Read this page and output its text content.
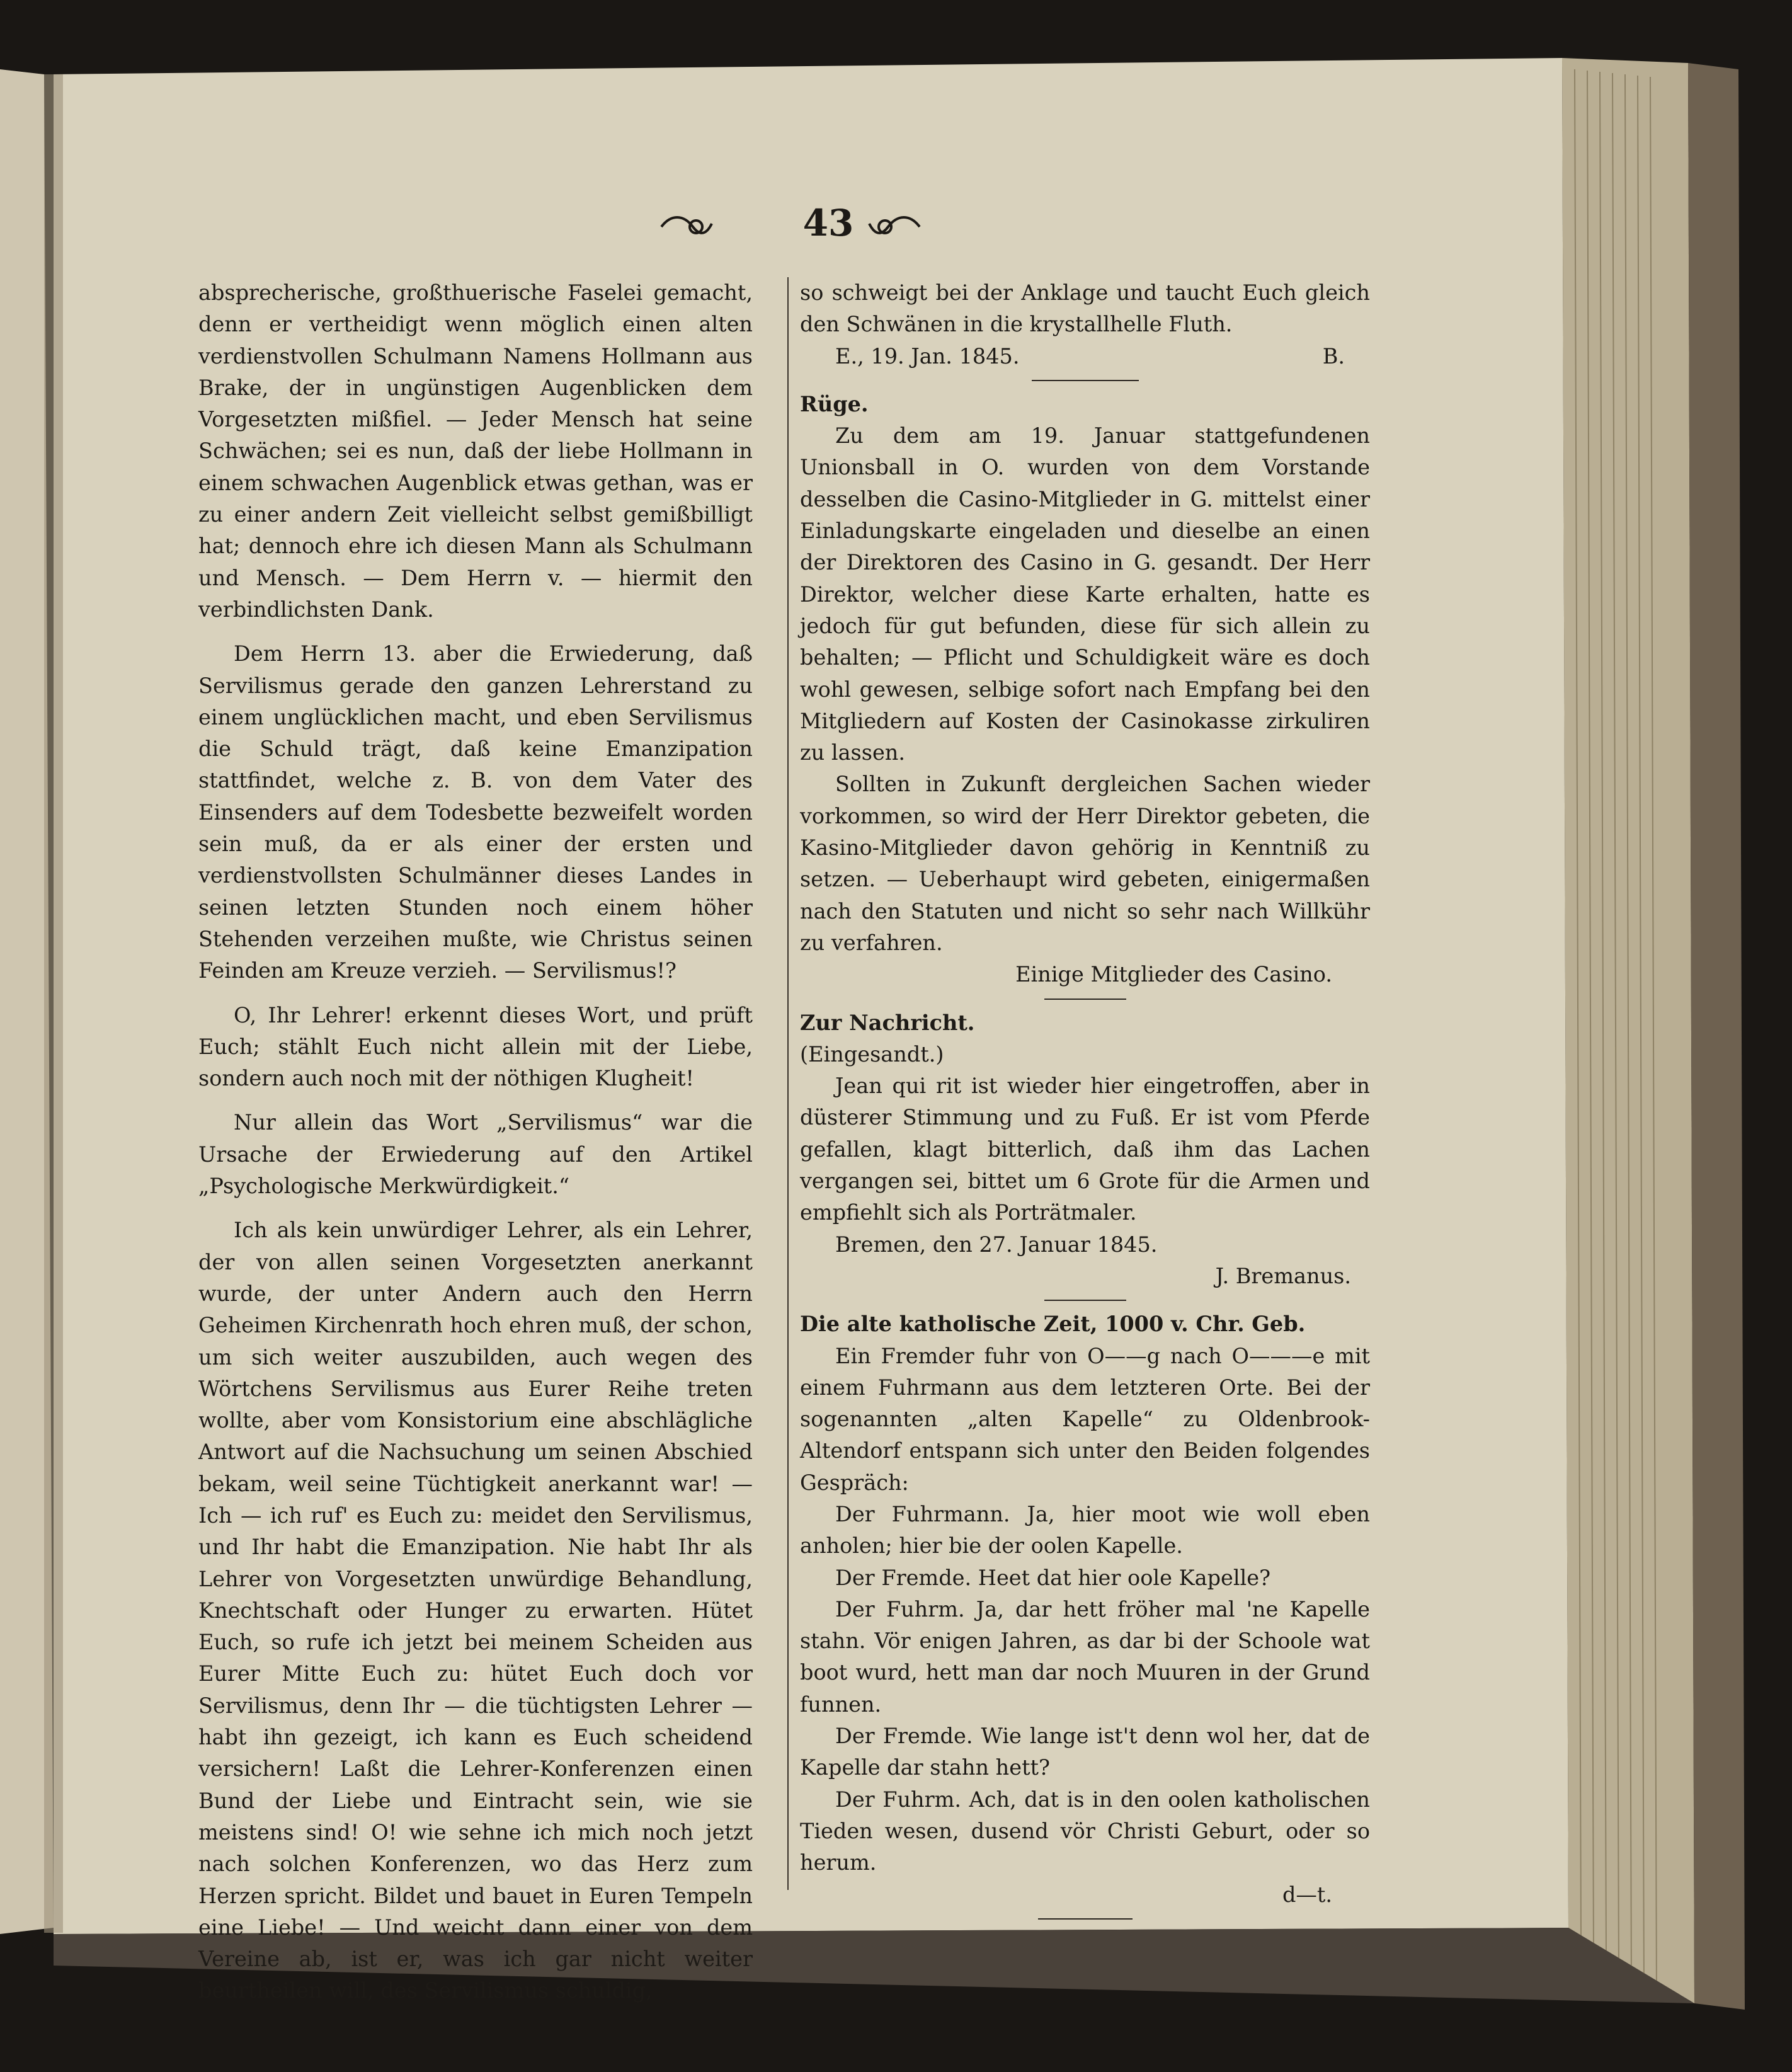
43

absprecherische, großthuerische Faselei gemacht, denn er vertheidigt wenn möglich einen alten verdienstvollen Schulmann Namens Hollmann aus Brake, der in ungünstigen Augenblicken dem Vorgesetzten mißfiel. — Jeder Mensch hat seine Schwächen; sei es nun, daß der liebe Hollmann in einem schwachen Augenblick etwas gethan, was er zu einer andern Zeit vielleicht selbst gemißbilligt hat; dennoch ehre ich diesen Mann als Schulmann und Mensch. — Dem Herrn v. — hiermit den verbindlichsten Dank.

Dem Herrn 13. aber die Erwiederung, daß Servilismus gerade den ganzen Lehrerstand zu einem unglücklichen macht, und eben Servilismus die Schuld trägt, daß keine Emanzipation stattfindet, welche z. B. von dem Vater des Einsenders auf dem Todesbette bezweifelt worden sein muß, da er als einer der ersten und verdienstvollsten Schulmänner dieses Landes in seinen letzten Stunden noch einem höher Stehenden verzeihen mußte, wie Christus seinen Feinden am Kreuze verzieh. — Servilismus!?

O, Ihr Lehrer! erkennt dieses Wort, und prüft Euch; stählt Euch nicht allein mit der Liebe, sondern auch noch mit der nöthigen Klugheit!

Nur allein das Wort „Servilismus“ war die Ursache der Erwiederung auf den Artikel „Psychologische Merkwürdigkeit.“

Ich als kein unwürdiger Lehrer, als ein Lehrer, der von allen seinen Vorgesetzten anerkannt wurde, der unter Andern auch den Herrn Geheimen Kirchenrath hoch ehren muß, der schon, um sich weiter auszubilden, auch wegen des Wörtchens Servilismus aus Eurer Reihe treten wollte, aber vom Konsistorium eine abschlägliche Antwort auf die Nachsuchung um seinen Abschied bekam, weil seine Tüchtigkeit anerkannt war! — Ich — ich ruf' es Euch zu: meidet den Servilismus, und Ihr habt die Emanzipation. Nie habt Ihr als Lehrer von Vorgesetzten unwürdige Behandlung, Knechtschaft oder Hunger zu erwarten. Hütet Euch, so rufe ich jetzt bei meinem Scheiden aus Eurer Mitte Euch zu: hütet Euch doch vor Servilismus, denn Ihr — die tüchtigsten Lehrer — habt ihn gezeigt, ich kann es Euch scheidend versichern! Laßt die Lehrer-Konferenzen einen Bund der Liebe und Eintracht sein, wie sie meistens sind! O! wie sehne ich mich noch jetzt nach solchen Konferenzen, wo das Herz zum Herzen spricht. Bildet und bauet in Euren Tempeln eine Liebe! — Und weicht dann einer von dem Vereine ab, ist er, was ich gar nicht weiter beurtheilen will, des Servilismus schuldig,

so schweigt bei der Anklage und taucht Euch gleich den Schwänen in die krystallhelle Fluth.

E., 19. Jan. 1845.	B.

Rüge.

Zu dem am 19. Januar stattgefundenen Unionsball in O. wurden von dem Vorstande desselben die Casino-Mitglieder in G. mittelst einer Einladungskarte eingeladen und dieselbe an einen der Direktoren des Casino in G. gesandt. Der Herr Direktor, welcher diese Karte erhalten, hatte es jedoch für gut befunden, diese für sich allein zu behalten; — Pflicht und Schuldigkeit wäre es doch wohl gewesen, selbige sofort nach Empfang bei den Mitgliedern auf Kosten der Casinokasse zirkuliren zu lassen.

Sollten in Zukunft dergleichen Sachen wieder vorkommen, so wird der Herr Direktor gebeten, die Kasino-Mitglieder davon gehörig in Kenntniß zu setzen. — Ueberhaupt wird gebeten, einigermaßen nach den Statuten und nicht so sehr nach Willkühr zu verfahren.

Einige Mitglieder des Casino.

Zur Nachricht.

(Eingesandt.)

Jean qui rit ist wieder hier eingetroffen, aber in düsterer Stimmung und zu Fuß. Er ist vom Pferde gefallen, klagt bitterlich, daß ihm das Lachen vergangen sei, bittet um 6 Grote für die Armen und empfiehlt sich als Porträtmaler.

Bremen, den 27. Januar 1845.

J. Bremanus.

Die alte katholische Zeit, 1000 v. Chr. Geb.

Ein Fremder fuhr von O——g nach O———e mit einem Fuhrmann aus dem letzteren Orte. Bei der sogenannten „alten Kapelle“ zu Oldenbrook-Altendorf entspann sich unter den Beiden folgendes Gespräch:

Der Fuhrmann. Ja, hier moot wie woll eben anholen; hier bie der oolen Kapelle.

Der Fremde. Heet dat hier oole Kapelle?

Der Fuhrm. Ja, dar hett fröher mal 'ne Kapelle stahn. Vör enigen Jahren, as dar bi der Schoole wat boot wurd, hett man dar noch Muuren in der Grund funnen.

Der Fremde. Wie lange ist't denn wol her, dat de Kapelle dar stahn hett?

Der Fuhrm. Ach, dat is in den oolen katholischen Tieden wesen, dusend vör Christi Geburt, oder so herum.

d—t.
